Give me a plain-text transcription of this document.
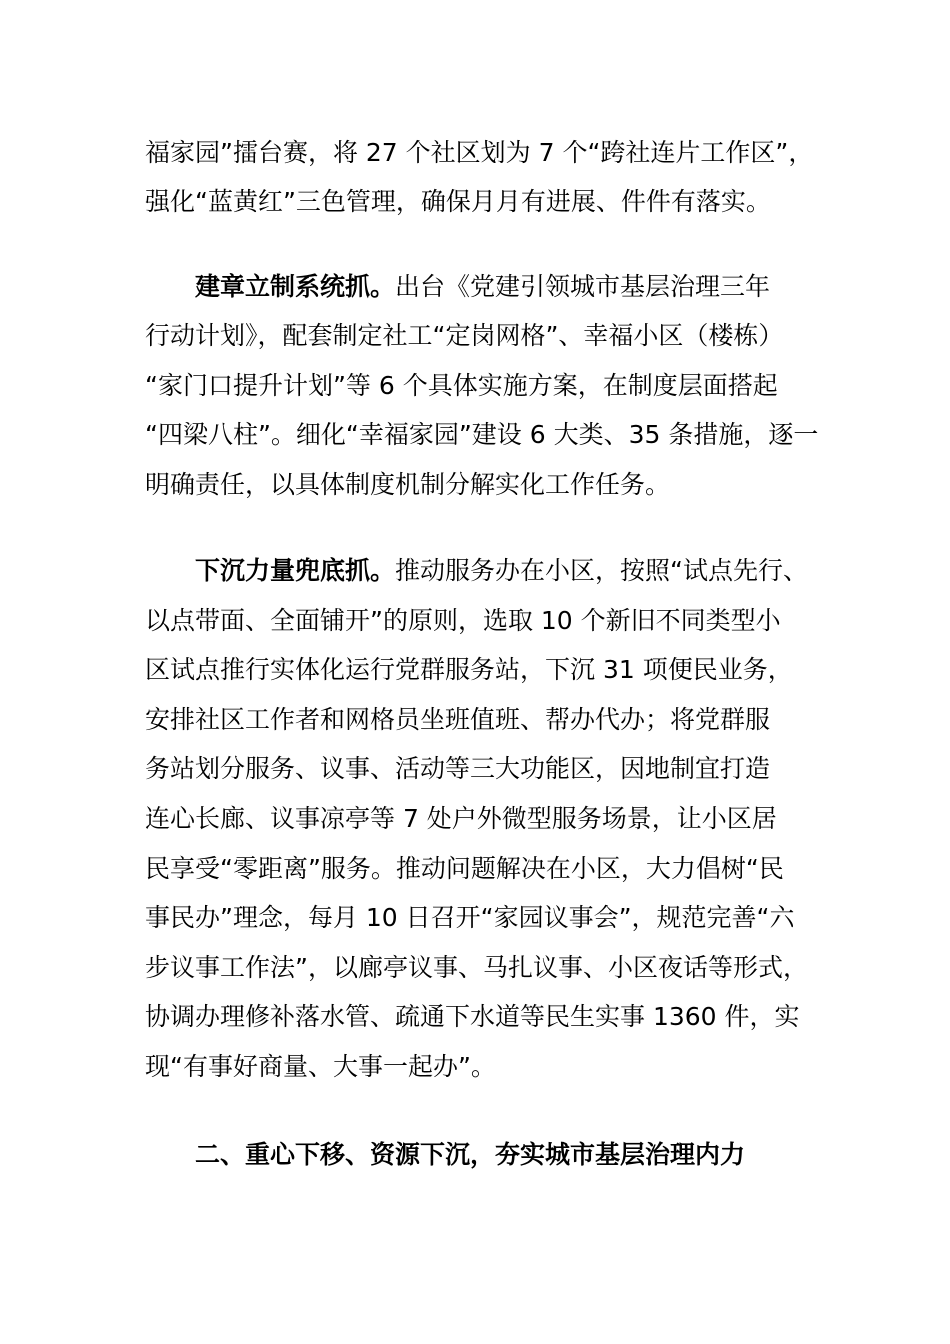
福家园”擂台赛，将 27 个社区划为 7 个“跨社连片工作区”，

强化“蓝黄红”三色管理，确保月月有进展、件件有落实。

建章立制系统抓。出台《党建引领城市基层治理三年

行动计划》，配套制定社工“定岗网格”、幸福小区（楼栋）

“家门口提升计划”等 6 个具体实施方案，在制度层面搭起

“四梁八柱”。细化“幸福家园”建设 6 大类、35 条措施，逐一

明确责任，以具体制度机制分解实化工作任务。

下沉力量兜底抓。推动服务办在小区，按照“试点先行、

以点带面、全面铺开”的原则，选取 10 个新旧不同类型小

区试点推行实体化运行党群服务站，下沉 31 项便民业务，

安排社区工作者和网格员坐班值班、帮办代办；将党群服

务站划分服务、议事、活动等三大功能区，因地制宜打造

连心长廊、议事凉亭等 7 处户外微型服务场景，让小区居

民享受“零距离”服务。推动问题解决在小区，大力倡树“民

事民办”理念，每月 10 日召开“家园议事会”，规范完善“六

步议事工作法”，以廊亭议事、马扎议事、小区夜话等形式，

协调办理修补落水管、疏通下水道等民生实事 1360 件，实

现“有事好商量、大事一起办”。

二、重心下移、资源下沉，夯实城市基层治理内力
